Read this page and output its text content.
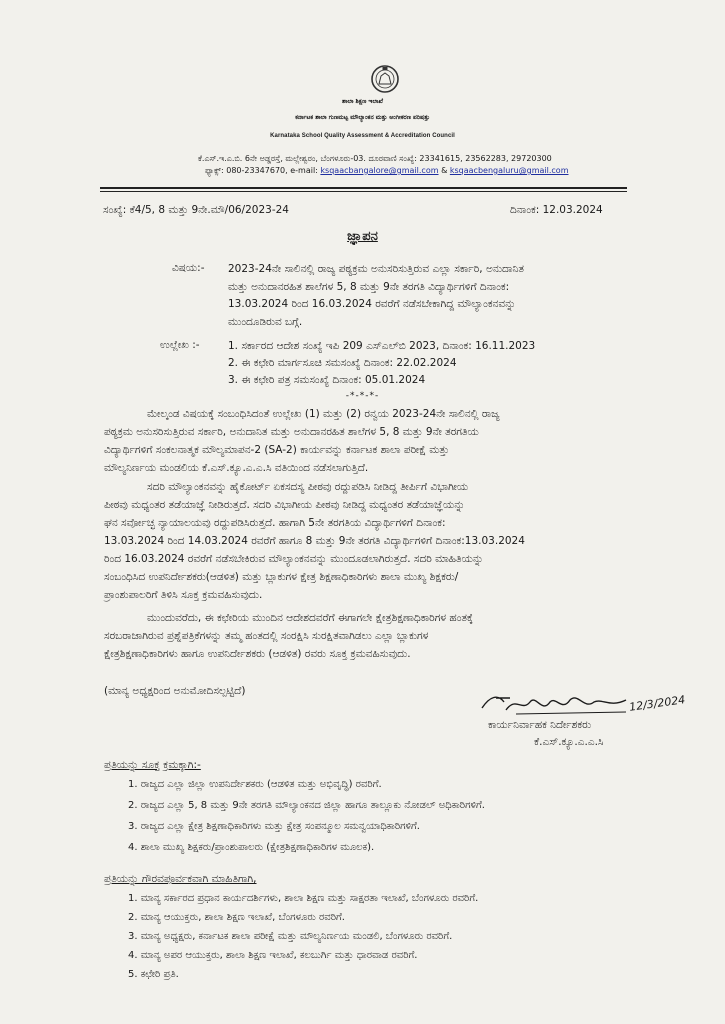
ಶಾಲಾ ಶಿಕ್ಷಣ ಇಲಾಖೆ
ಕರ್ನಾಟಕ ಶಾಲಾ ಗುಣಮಟ್ಟ ಮೌಲ್ಯಾಂಕನ ಮತ್ತು ಅಂಗೀಕರಣ ಪರಿಷತ್ತು
Karnataka School Quality Assessment & Accreditation Council
ಕೆ.ಎಸ್.ಇ.ಎ.ಬಿ. 6ನೇ ಅಡ್ಡರಸ್ತೆ, ಮಲ್ಲೇಶ್ವರಂ, ಬೆಂಗಳೂರು-03. ದೂರವಾಣಿ ಸಂಖ್ಯೆ: 23341615, 23562283, 29720300
ಫ್ಯಾಕ್ಸ್: 080-23347670, e-mail: ksqaacbangalore@gmail.com & ksqaacbengaluru@gmail.com
ಸಂಖ್ಯೆ: ಕೆ4/5, 8 ಮತ್ತು 9ನೇ.ಮೌ/06/2023-24	ದಿನಾಂಕ: 12.03.2024
ಜ್ಞಾಪನ
ವಿಷಯ:- 2023-24ನೇ ಸಾಲಿನಲ್ಲಿ ರಾಜ್ಯ ಪಠ್ಯಕ್ರಮ ಅನುಸರಿಸುತ್ತಿರುವ ಎಲ್ಲಾ ಸರ್ಕಾರಿ, ಅನುದಾನಿತ
ಮತ್ತು ಅನುದಾನರಹಿತ ಶಾಲೆಗಳ 5, 8 ಮತ್ತು 9ನೇ ತರಗತಿ ವಿದ್ಯಾರ್ಥಿಗಳಿಗೆ ದಿನಾಂಕ:
13.03.2024 ರಿಂದ 16.03.2024 ರವರೆಗೆ ನಡೆಸಬೇಕಾಗಿದ್ದ ಮೌಲ್ಯಾಂಕನವನ್ನು
ಮುಂದೂಡಿರುವ ಬಗ್ಗೆ.
ಉಲ್ಲೇಖ :-	1. ಸರ್ಕಾರದ ಆದೇಶ ಸಂಖ್ಯೆ ಇಪಿ 209 ಎಸ್‌ಎಲ್‌ಬಿ 2023, ದಿನಾಂಕ: 16.11.2023
2. ಈ ಕಛೇರಿ ಮಾರ್ಗಸೂಚಿ ಸಮಸಂಖ್ಯೆ ದಿನಾಂಕ: 22.02.2024
3. ಈ ಕಛೇರಿ ಪತ್ರ ಸಮಸಂಖ್ಯೆ ದಿನಾಂಕ: 05.01.2024
-*-*-*-
ಮೇಲ್ಕಂಡ ವಿಷಯಕ್ಕೆ ಸಂಬಂಧಿಸಿದಂತೆ ಉಲ್ಲೇಖ (1) ಮತ್ತು (2) ರನ್ವಯ 2023-24ನೇ ಸಾಲಿನಲ್ಲಿ ರಾಜ್ಯ
ಪಠ್ಯಕ್ರಮ ಅನುಸರಿಸುತ್ತಿರುವ ಸರ್ಕಾರಿ, ಅನುದಾನಿತ ಮತ್ತು ಅನುದಾನರಹಿತ ಶಾಲೆಗಳ 5, 8 ಮತ್ತು 9ನೇ ತರಗತಿಯ
ವಿದ್ಯಾರ್ಥಿಗಳಿಗೆ ಸಂಕಲನಾತ್ಮಕ ಮೌಲ್ಯಮಾಪನ-2 (SA-2) ಕಾರ್ಯವನ್ನು ಕರ್ನಾಟಕ ಶಾಲಾ ಪರೀಕ್ಷೆ ಮತ್ತು
ಮೌಲ್ಯನಿರ್ಣಯ ಮಂಡಲಿಯ ಕೆ.ಎಸ್.ಕ್ಯೂ.ಎ.ಎ.ಸಿ ವತಿಯಿಂದ ನಡೆಸಲಾಗುತ್ತಿದೆ.
ಸದರಿ ಮೌಲ್ಯಾಂಕನವನ್ನು ಹೈಕೋರ್ಟ್ ಏಕಸದಸ್ಯ ಪೀಠವು ರದ್ದುಪಡಿಸಿ ನೀಡಿದ್ದ ತೀರ್ಪಿಗೆ ವಿಭಾಗೀಯ
ಪೀಠವು ಮಧ್ಯಂತರ ತಡೆಯಾಜ್ಞೆ ನೀಡಿರುತ್ತದೆ. ಸದರಿ ವಿಭಾಗೀಯ ಪೀಠವು ನೀಡಿದ್ದ ಮಧ್ಯಂತರ ತಡೆಯಾಜ್ಞೆಯನ್ನು
ಘನ ಸರ್ವೋಚ್ಛ ನ್ಯಾಯಾಲಯವು ರದ್ದುಪಡಿಸಿರುತ್ತದೆ. ಹಾಗಾಗಿ 5ನೇ ತರಗತಿಯ ವಿದ್ಯಾರ್ಥಿಗಳಿಗೆ ದಿನಾಂಕ:
13.03.2024 ರಿಂದ 14.03.2024 ರವರೆಗೆ ಹಾಗೂ 8 ಮತ್ತು 9ನೇ ತರಗತಿ ವಿದ್ಯಾರ್ಥಿಗಳಿಗೆ ದಿನಾಂಕ:13.03.2024
ರಿಂದ 16.03.2024 ರವರೆಗೆ ನಡೆಸಬೇಕಿರುವ ಮೌಲ್ಯಾಂಕನವನ್ನು ಮುಂದೂಡಲಾಗಿರುತ್ತದೆ. ಸದರಿ ಮಾಹಿತಿಯನ್ನು
ಸಂಬಂಧಿಸಿದ ಉಪನಿರ್ದೇಶಕರು(ಆಡಳಿತ) ಮತ್ತು ಬ್ಲಾಕುಗಳ ಕ್ಷೇತ್ರ ಶಿಕ್ಷಣಾಧಿಕಾರಿಗಳು ಶಾಲಾ ಮುಖ್ಯ ಶಿಕ್ಷಕರು/
ಪ್ರಾಂಶುಪಾಲರಿಗೆ ತಿಳಿಸಿ ಸೂಕ್ತ ಕ್ರಮವಹಿಸುವುದು.
ಮುಂದುವರೆದು, ಈ ಕಛೇರಿಯ ಮುಂದಿನ ಆದೇಶದವರೆಗೆ ಈಗಾಗಲೇ ಕ್ಷೇತ್ರಶಿಕ್ಷಣಾಧಿಕಾರಿಗಳ ಹಂತಕ್ಕೆ
ಸರಬರಾಜಾಗಿರುವ ಪ್ರಶ್ನೆಪತ್ರಿಕೆಗಳನ್ನು ತಮ್ಮ ಹಂತದಲ್ಲಿ ಸಂರಕ್ಷಿಸಿ ಸುರಕ್ಷಿತವಾಗಿಡಲು ಎಲ್ಲಾ ಬ್ಲಾಕುಗಳ
ಕ್ಷೇತ್ರಶಿಕ್ಷಣಾಧಿಕಾರಿಗಳು ಹಾಗೂ ಉಪನಿರ್ದೇಶಕರು (ಆಡಳಿತ) ರವರು ಸೂಕ್ತ ಕ್ರಮವಹಿಸುವುದು.
(ಮಾನ್ಯ ಅಧ್ಯಕ್ಷರಿಂದ ಅನುಮೋದಿಸಲ್ಪಟ್ಟಿದೆ)
12/3/2024
ಕಾರ್ಯನಿರ್ವಾಹಕ ನಿರ್ದೇಶಕರು
ಕೆ.ಎಸ್.ಕ್ಯೂ.ಎ.ಎ.ಸಿ
ಪ್ರತಿಯನ್ನು ಸೂಕ್ತ ಕ್ರಮಕ್ಕಾಗಿ:-
1. ರಾಜ್ಯದ ಎಲ್ಲಾ ಜಿಲ್ಲಾ ಉಪನಿರ್ದೇಶಕರು (ಆಡಳಿತ ಮತ್ತು ಅಭಿವೃದ್ಧಿ) ರವರಿಗೆ.
2. ರಾಜ್ಯದ ಎಲ್ಲಾ 5, 8 ಮತ್ತು 9ನೇ ತರಗತಿ ಮೌಲ್ಯಾಂಕನದ ಜಿಲ್ಲಾ ಹಾಗೂ ತಾಲ್ಲೂಕು ನೋಡಲ್ ಅಧಿಕಾರಿಗಳಿಗೆ.
3. ರಾಜ್ಯದ ಎಲ್ಲಾ ಕ್ಷೇತ್ರ ಶಿಕ್ಷಣಾಧಿಕಾರಿಗಳು ಮತ್ತು ಕ್ಷೇತ್ರ ಸಂಪನ್ಮೂಲ ಸಮನ್ವಯಾಧಿಕಾರಿಗಳಿಗೆ.
4. ಶಾಲಾ ಮುಖ್ಯ ಶಿಕ್ಷಕರು/ಪ್ರಾಂಶುಪಾಲರು (ಕ್ಷೇತ್ರಶಿಕ್ಷಣಾಧಿಕಾರಿಗಳ ಮೂಲಕ).
ಪ್ರತಿಯನ್ನು ಗೌರವಪೂರ್ವಕವಾಗಿ ಮಾಹಿತಿಗಾಗಿ,
1. ಮಾನ್ಯ ಸರ್ಕಾರದ ಪ್ರಧಾನ ಕಾರ್ಯದರ್ಶಿಗಳು, ಶಾಲಾ ಶಿಕ್ಷಣ ಮತ್ತು ಸಾಕ್ಷರತಾ ಇಲಾಖೆ, ಬೆಂಗಳೂರು ರವರಿಗೆ.
2. ಮಾನ್ಯ ಆಯುಕ್ತರು, ಶಾಲಾ ಶಿಕ್ಷಣ ಇಲಾಖೆ, ಬೆಂಗಳೂರು ರವರಿಗೆ.
3. ಮಾನ್ಯ ಅಧ್ಯಕ್ಷರು, ಕರ್ನಾಟಕ ಶಾಲಾ ಪರೀಕ್ಷೆ ಮತ್ತು ಮೌಲ್ಯನಿರ್ಣಯ ಮಂಡಲಿ, ಬೆಂಗಳೂರು ರವರಿಗೆ.
4. ಮಾನ್ಯ ಅಪರ ಆಯುಕ್ತರು, ಶಾಲಾ ಶಿಕ್ಷಣ ಇಲಾಖೆ, ಕಲಬುರ್ಗಿ ಮತ್ತು ಧಾರವಾಡ ರವರಿಗೆ.
5. ಕಛೇರಿ ಪ್ರತಿ.
